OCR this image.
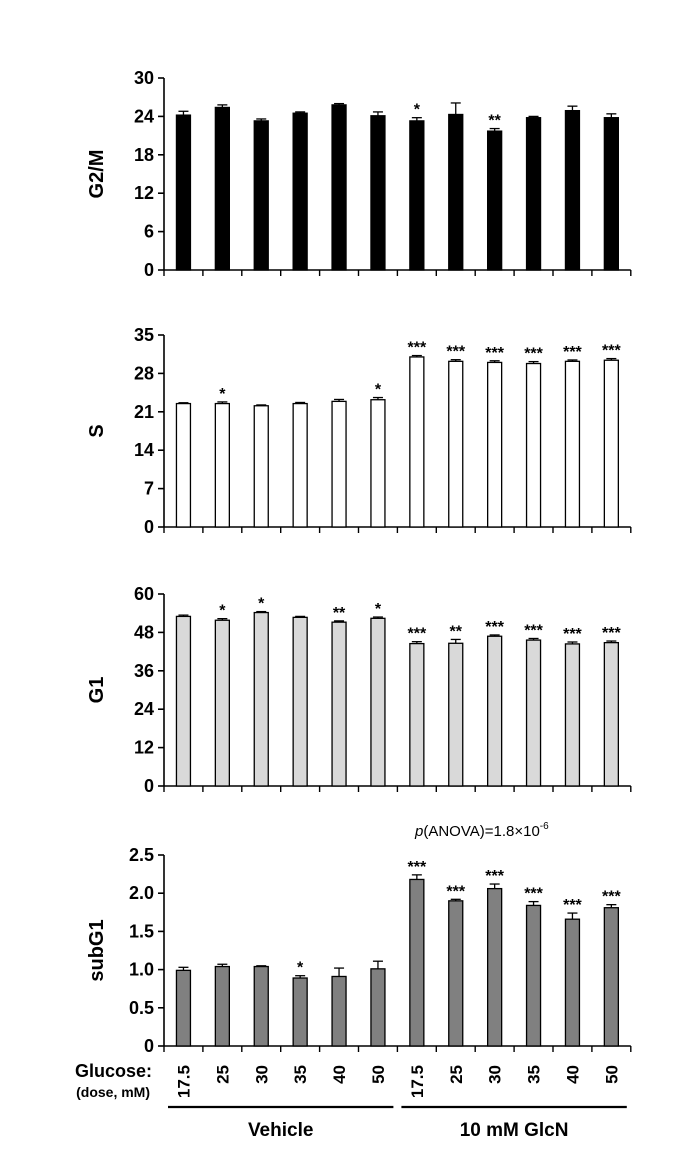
0
6
12
18
24
30
G2/M
*
**
0
7
14
21
28
35
S
*	*
*** *** *** *** *** ***
0
12
24
36
48
60
G1
* *
** *
*** ** *** *** *** ***
0
0.5
1.0
1.5
2.0
2.5
subG1	*
***
***
***
***
*** ***
$p(ANOVA)=1.8\times 10^{-6}$
Glucose:
(dose, mM) 17.5 25 30 35 40 50 17.5 25 30 35 40 50
Vehicle	10 mM GlcN
